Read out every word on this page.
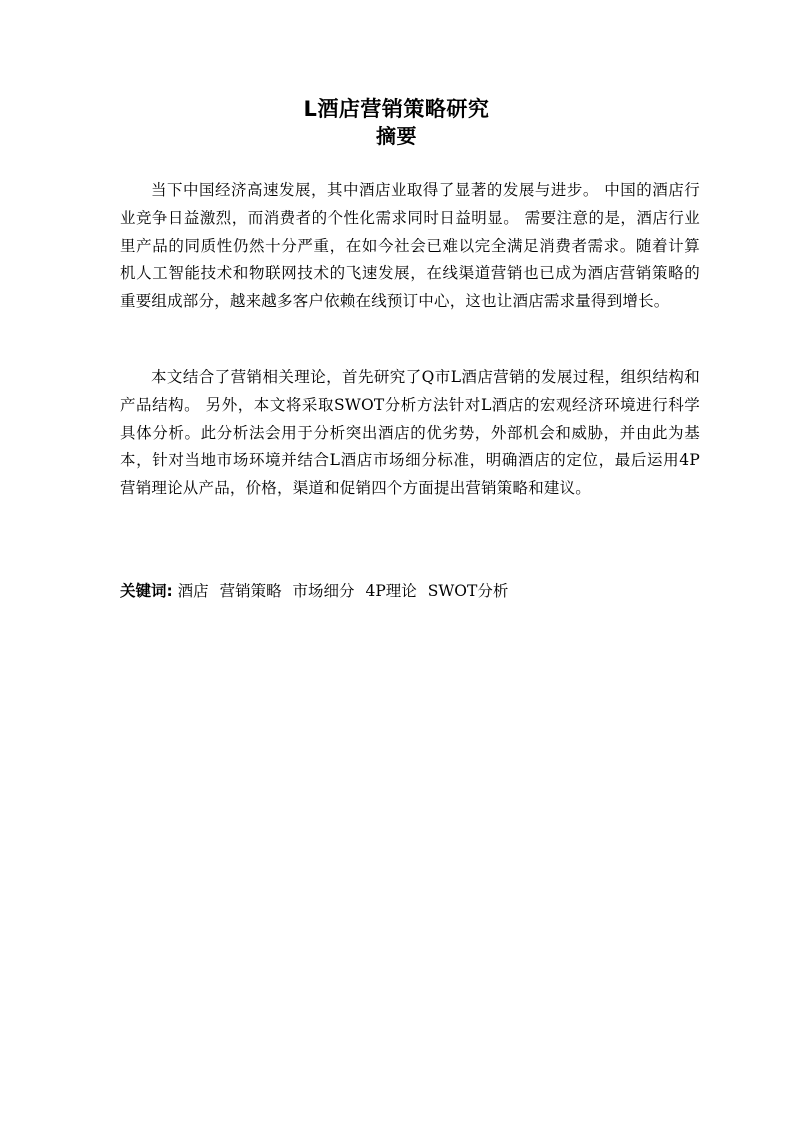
L酒店营销策略研究
摘要
当下中国经济高速发展，其中酒店业取得了显著的发展与进步。 中国的酒店行业竞争日益激烈，而消费者的个性化需求同时日益明显。 需要注意的是，酒店行业里产品的同质性仍然十分严重，在如今社会已难以完全满足消费者需求。随着计算机人工智能技术和物联网技术的飞速发展，在线渠道营销也已成为酒店营销策略的重要组成部分，越来越多客户依赖在线预订中心，这也让酒店需求量得到增长。
本文结合了营销相关理论，首先研究了Q市L酒店营销的发展过程，组织结构和产品结构。 另外，本文将采取SWOT分析方法针对L酒店的宏观经济环境进行科学具体分析。此分析法会用于分析突出酒店的优劣势，外部机会和威胁，并由此为基本，针对当地市场环境并结合L酒店市场细分标准，明确酒店的定位，最后运用4P营销理论从产品，价格，渠道和促销四个方面提出营销策略和建议。
关键词: 酒店 营销策略 市场细分 4P理论 SWOT分析
